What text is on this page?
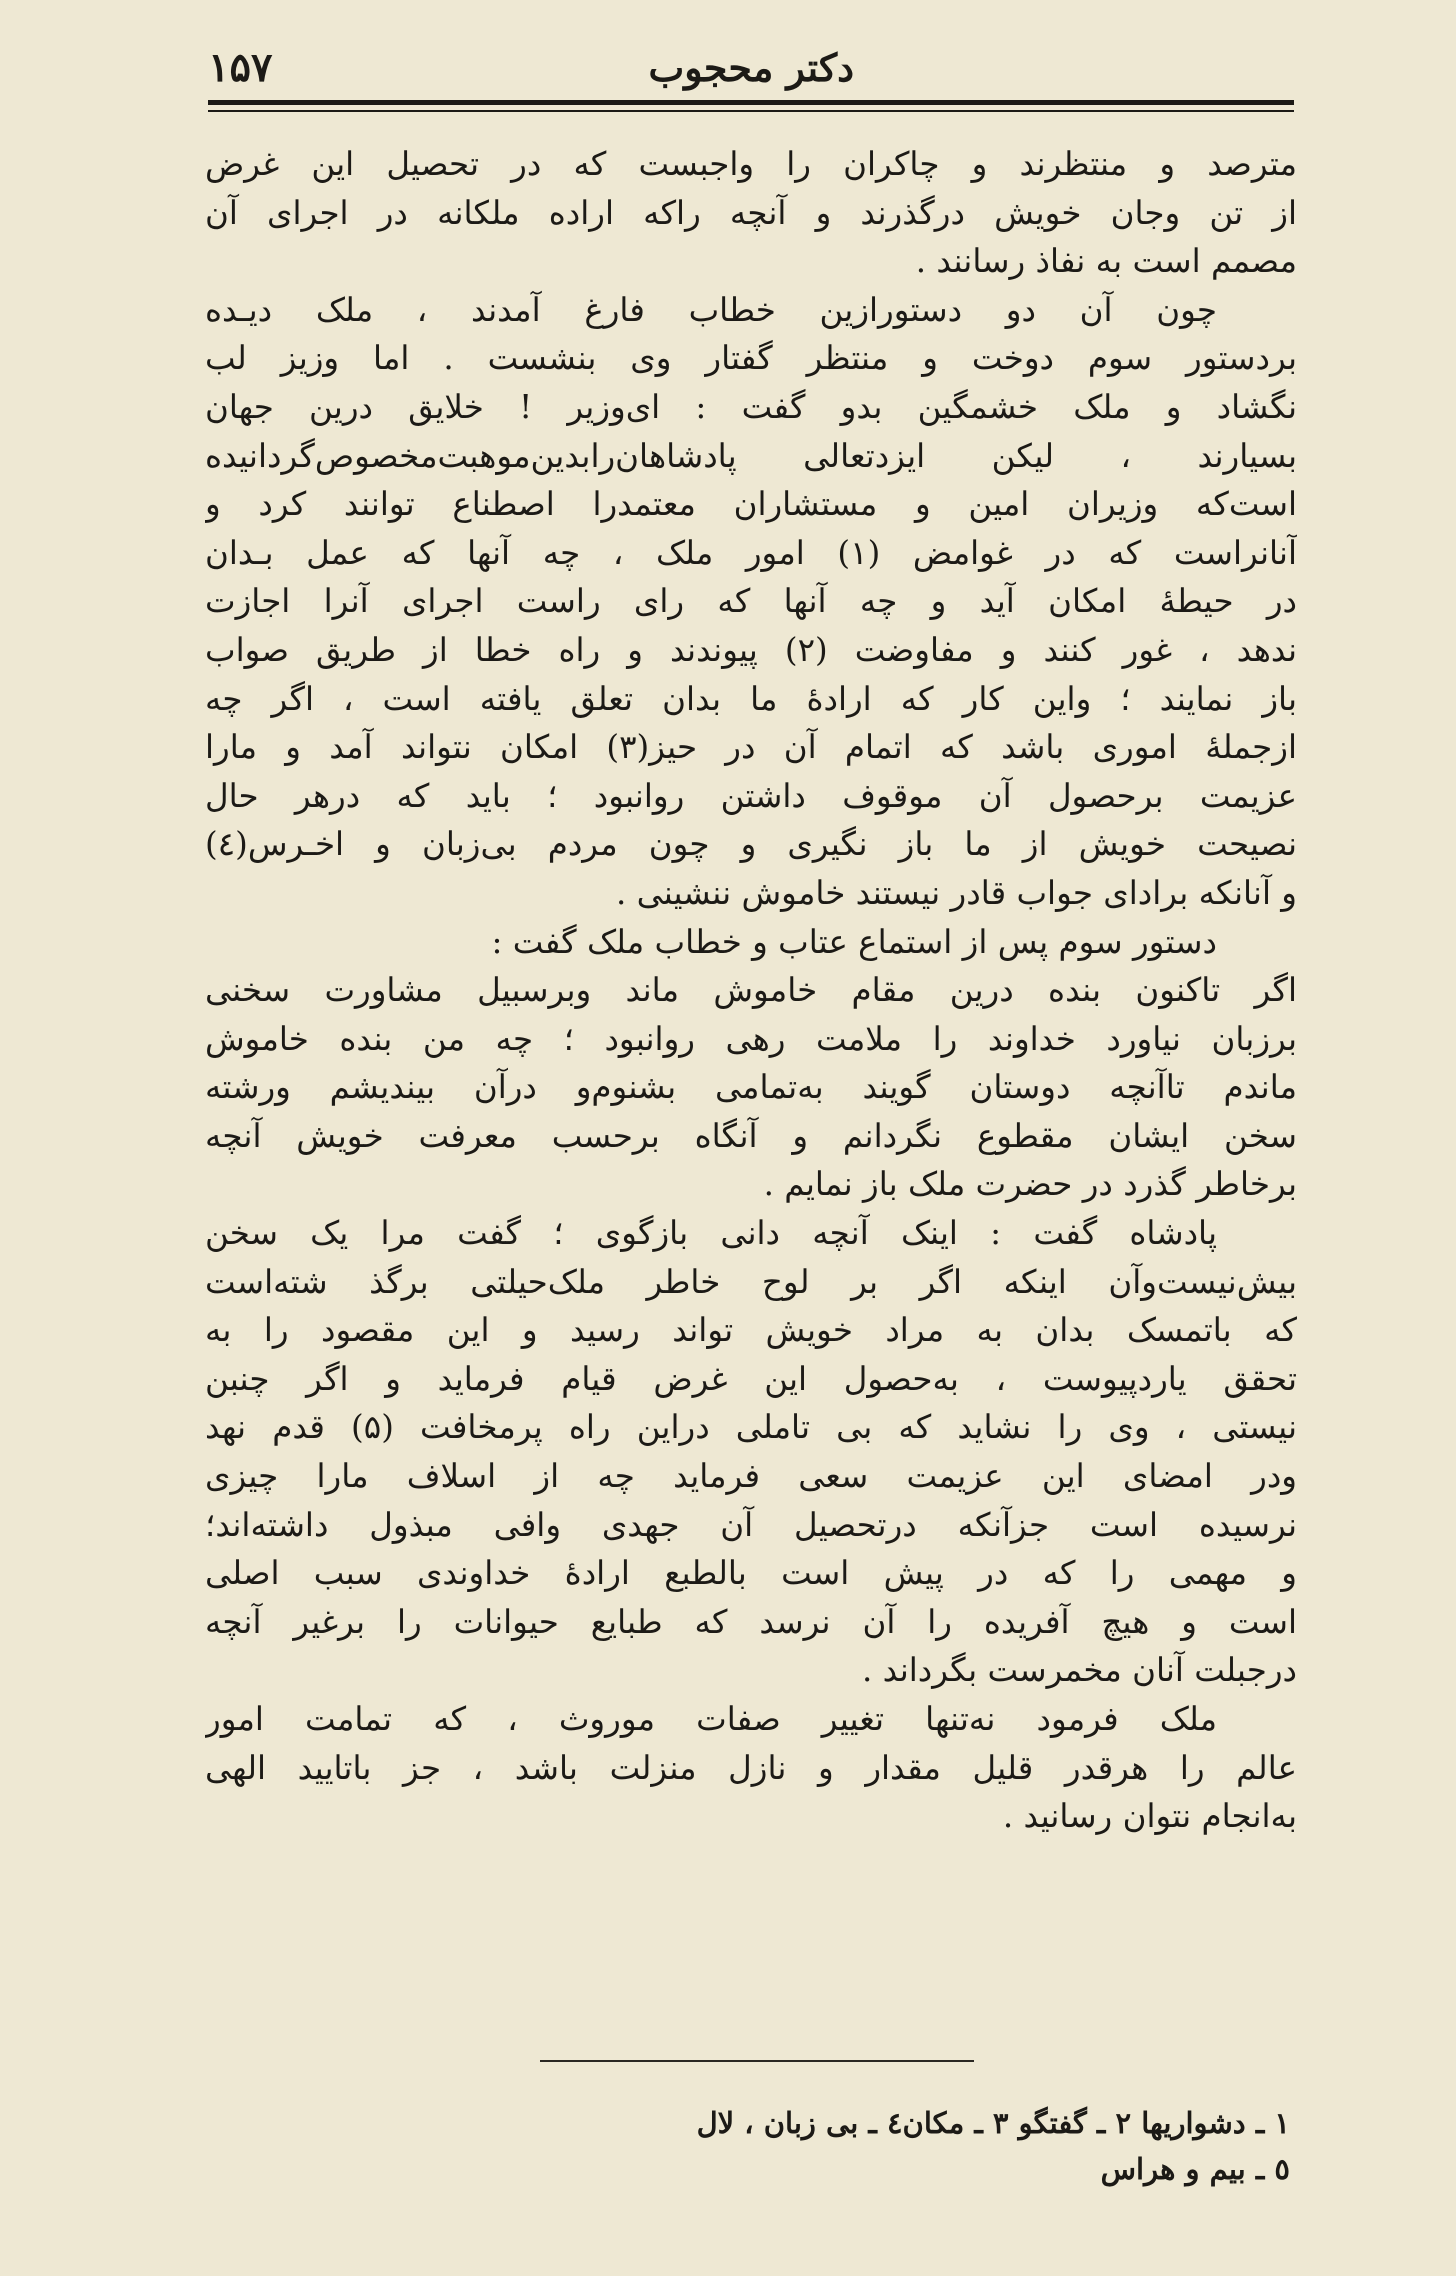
دکتر محجوب
۱۵۷
مترصد و منتظرند و چاکران را واجبست که در تحصیل این غرض
از تن وجان خویش درگذرند و آنچه راکه اراده ملکانه در اجرای آن
مصمم است به نفاذ رسانند .
چون آن دو دستورازین خطاب فارغ آمدند ، ملک دیـده
بردستور سوم دوخت و منتظر گفتار وی بنشست . اما وزیز لب
نگشاد و ملک خشمگین بدو گفت : ای‌وزیر ! خلایق درین جهان
بسیارند ، لیکن ایزدتعالی پادشاهان‌رابدین‌موهبت‌مخصوص‌گردانیده
است‌که وزیران امین و مستشاران معتمدرا اصطناع توانند کرد و
آنانراست که در غوامض (۱) امور ملک ، چه آنها که عمل بـدان
در حیطهٔ امکان آید و چه آنها که رای راست اجرای آنرا اجازت
ندهد ، غور کنند و مفاوضت (۲) پیوندند و راه خطا از طریق صواب
باز نمایند ؛ واین کار که ارادهٔ ما بدان تعلق یافته است ، اگر چه
ازجملهٔ اموری باشد که اتمام آن در حیز(۳) امکان نتواند آمد و مارا
عزیمت برحصول آن موقوف داشتن روانبود ؛ باید که درهر حال
نصیحت خویش از ما باز نگیری و چون مردم بی‌زبان و اخـرس(٤)
و آنانکه برادای جواب قادر نیستند خاموش ننشینی .
دستور سوم پس از استماع عتاب و خطاب ملک گفت :
اگر تاکنون بنده درین مقام خاموش ماند وبرسبیل مشاورت سخنی
برزبان نیاورد خداوند را ملامت رهی روانبود ؛ چه من بنده خاموش
ماندم تاآنچه دوستان گویند به‌تمامی بشنوم‌و درآن بیندیشم ورشته
سخن ایشان مقطوع نگردانم و آنگاه برحسب معرفت خویش آنچه
برخاطر گذرد در حضرت ملک باز نمایم .
پادشاه گفت : اینک آنچه دانی بازگوی ؛ گفت مرا یک سخن
بیش‌نیست‌وآن اینکه اگر بر لوح خاطر ملک‌حیلتی برگذ شته‌است
که باتمسک بدان به مراد خویش تواند رسید و این مقصود را به
تحقق یارد‌پیوست ، به‌حصول این غرض قیام فرماید و اگر چنبن
نیستی ، وی را نشاید که بی تاملی دراین راه پرمخافت (۵) قدم نهد
ودر امضای این عزیمت سعی فرماید چه از اسلاف مارا چیزی
نرسیده است جزآنکه درتحصیل آن جهدی وافی مبذول داشته‌اند؛
و مهمی را که در پیش است بالطبع ارادهٔ خداوندی سبب اصلی
است و هیچ آفریده را آن نرسد که طبایع حیوانات را برغیر آنچه
درجبلت آنان مخمرست بگرداند .
ملک فرمود نه‌تنها تغییر صفات موروث ، که تمامت امور
عالم را هرقدر قلیل مقدار و نازل منزلت باشد ، جز باتایید الهی
به‌انجام نتوان رسانید .
۱ ـ دشواریها ۲ ـ گفتگو ۳ ـ مکان٤ ـ بی زبان ، لال
٥ ـ بیم و هراس
